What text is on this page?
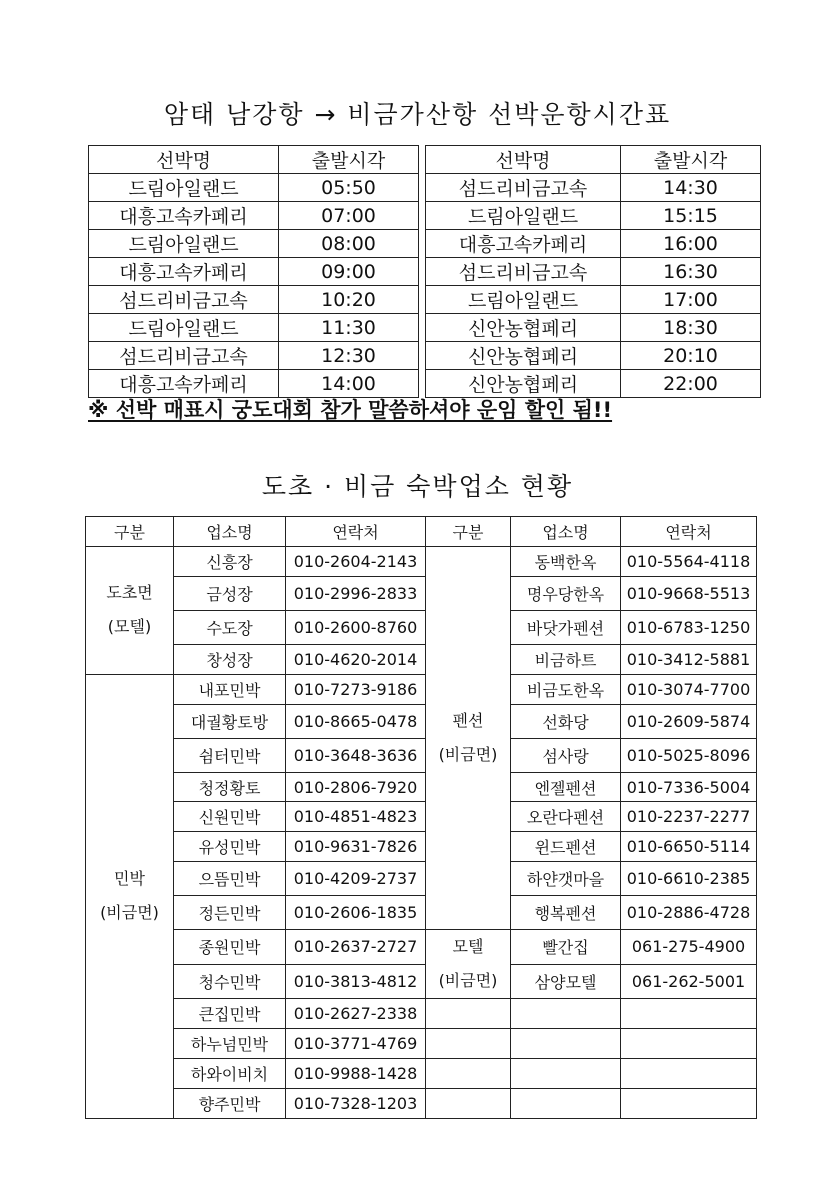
암태 남강항 → 비금가산항 선박운항시간표
선박명	출발시각		선박명	출발시각
드림아일랜드	05:50		섬드리비금고속	14:30
대흥고속카페리	07:00		드림아일랜드	15:15
드림아일랜드	08:00		대흥고속카페리	16:00
대흥고속카페리	09:00		섬드리비금고속	16:30
섬드리비금고속	10:20		드림아일랜드	17:00
드림아일랜드	11:30		신안농협페리	18:30
섬드리비금고속	12:30		신안농협페리	20:10
대흥고속카페리	14:00		신안농협페리	22:00
※ 선박 매표시 궁도대회 참가 말씀하셔야 운임 할인 됨!!
도초 · 비금 숙박업소 현황
구분	업소명	연락처	구분	업소명	연락처
	신흥장	010-2604-2143		동백한옥	010-5564-4118
도초면	금성장	010-2996-2833		명우당한옥	010-9668-5513
(모텔)	수도장	010-2600-8760		바닷가펜션	010-6783-1250
	창성장	010-4620-2014		비금하트	010-3412-5881
	내포민박	010-7273-9186		비금도한옥	010-3074-7700
	대궐황토방	010-8665-0478	펜션	선화당	010-2609-5874
	쉼터민박	010-3648-3636	(비금면)	섬사랑	010-5025-8096
	청정황토	010-2806-7920		엔젤펜션	010-7336-5004
	신원민박	010-4851-4823		오란다펜션	010-2237-2277
	유성민박	010-9631-7826		윈드펜션	010-6650-5114
민박	으뜸민박	010-4209-2737		하얀갯마을	010-6610-2385
(비금면)	정든민박	010-2606-1835		행복펜션	010-2886-4728
	종원민박	010-2637-2727	모텔	빨간집	061-275-4900
	청수민박	010-3813-4812	(비금면)	삼양모텔	061-262-5001
	큰집민박	010-2627-2338			
	하누넘민박	010-3771-4769			
	하와이비치	010-9988-1428			
	향주민박	010-7328-1203			
